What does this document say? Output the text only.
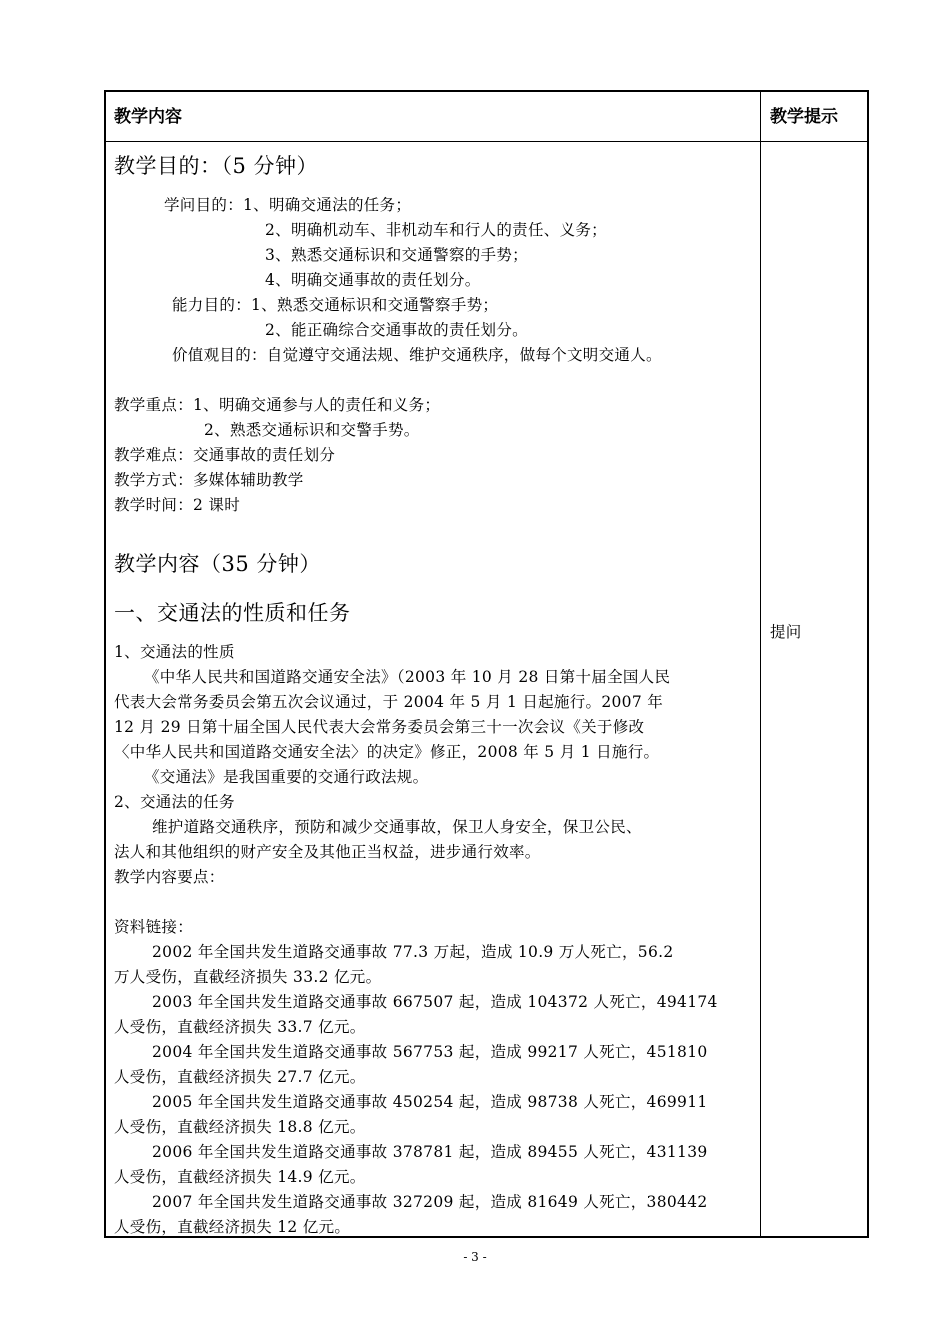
教学内容	教学提示
教学目的：（5 分钟）
学问目的：1、明确交通法的任务；
2、明确机动车、非机动车和行人的责任、义务；
3、熟悉交通标识和交通警察的手势；
4、明确交通事故的责任划分。
能力目的：1、熟悉交通标识和交通警察手势；
2、能正确综合交通事故的责任划分。
价值观目的：自觉遵守交通法规、维护交通秩序，做每个文明交通人。
教学重点：1、明确交通参与人的责任和义务；
2、熟悉交通标识和交警手势。
教学难点：交通事故的责任划分
教学方式：多媒体辅助教学
教学时间：2 课时
教学内容（35 分钟）
一、交通法的性质和任务
提问
1、交通法的性质
《中华人民共和国道路交通安全法》（2003 年 10 月 28 日第十届全国人民
代表大会常务委员会第五次会议通过，于 2004 年 5 月 1 日起施行。2007 年
12 月 29 日第十届全国人民代表大会常务委员会第三十一次会议《关于修改
〈中华人民共和国道路交通安全法〉的决定》修正，2008 年 5 月 1 日施行。
《交通法》是我国重要的交通行政法规。
2、交通法的任务
维护道路交通秩序，预防和减少交通事故，保卫人身安全，保卫公民、
法人和其他组织的财产安全及其他正当权益，进步通行效率。
教学内容要点：
资料链接：
2002 年全国共发生道路交通事故 77.3 万起，造成 10.9 万人死亡，56.2
万人受伤，直截经济损失 33.2 亿元。
2003 年全国共发生道路交通事故 667507 起，造成 104372 人死亡，494174
人受伤，直截经济损失 33.7 亿元。
2004 年全国共发生道路交通事故 567753 起，造成 99217 人死亡，451810
人受伤，直截经济损失 27.7 亿元。
2005 年全国共发生道路交通事故 450254 起，造成 98738 人死亡，469911
人受伤，直截经济损失 18.8 亿元。
2006 年全国共发生道路交通事故 378781 起，造成 89455 人死亡，431139
人受伤，直截经济损失 14.9 亿元。
2007 年全国共发生道路交通事故 327209 起，造成 81649 人死亡，380442
人受伤，直截经济损失 12 亿元。
- 3 -
